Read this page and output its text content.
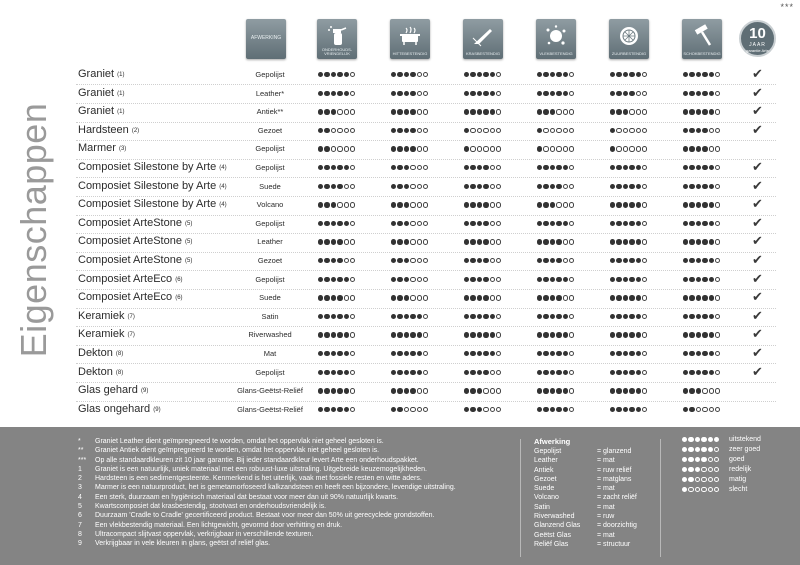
***
Eigenschappen
AFWERKING
ONDERHOUDS-VRIENDELIJK	HITTEBESTENDIG	KRASBESTENDIG	VLEKBESTENDIG	ZUURBESTENDIG	SCHOKBESTENDIG
10
JAAR
garantie Arte
Graniet $^{(1)}$	Gepolijst	✔
Graniet $^{(1)}$	Leather*	✔
Graniet $^{(1)}$	Antiek**	✔
Hardsteen $^{(2)}$	Gezoet	✔
Marmer $^{(3)}$	Gepolijst
Composiet Silestone by Arte $^{(4)}$	Gepolijst	✔
Composiet Silestone by Arte $^{(4)}$	Suede	✔
Composiet Silestone by Arte $^{(4)}$	Volcano	✔
Composiet ArteStone $^{(5)}$	Gepolijst	✔
Composiet ArteStone $^{(5)}$	Leather	✔
Composiet ArteStone $^{(5)}$	Gezoet	✔
Composiet ArteEco $^{(6)}$	Gepolijst	✔
Composiet ArteEco $^{(6)}$	Suede	✔
Keramiek $^{(7)}$	Satin	✔
Keramiek $^{(7)}$	Riverwashed	✔
Dekton $^{(8)}$	Mat	✔
Dekton $^{(8)}$	Gepolijst	✔
Glas gehard $^{(9)}$	Glans-Geëtst-Reliëf
Glas ongehard $^{(9)}$	Glans-Geëtst-Reliëf
*	Graniet Leather dient geïmpregneerd te worden, omdat het oppervlak niet geheel gesloten is.
**	Graniet Antiek dient geïmpregneerd te worden, omdat het oppervlak niet geheel gesloten is.
***	Op alle standaardkleuren zit 10 jaar garantie. Bij ieder standaardkleur levert Arte een onderhoudspakket.
1	Graniet is een natuurlijk, uniek materiaal met een robuust-luxe uitstraling. Uitgebreide keuzemogelijkheden.
2	Hardsteen is een sedimentgesteente. Kenmerkend is het uiterlijk, vaak met fossiele resten en witte aders.
3	Marmer is een natuurproduct, het is gemetamorfoseerd kalkzandsteen en heeft een bijzondere, levendige uitstraling.
4	Een sterk, duurzaam en hygiënisch materiaal dat bestaat voor meer dan uit 90% natuurlijk kwarts.
5	Kwartscomposiet dat krasbestendig, stootvast en onderhoudsvriendelijk is.
6	Duurzaam 'Cradle to Cradle' gecertificeerd product. Bestaat voor meer dan 50% uit gerecyclede grondstoffen.
7	Een vlekbestendig materiaal. Een lichtgewicht, gevormd door verhitting en druk.
8	Ultracompact slijtvast oppervlak, verkrijgbaar in verschillende texturen.
9	Verkrijgbaar in vele kleuren in glans, geëtst of reliëf glas.
Afwerking
Gepolijst	= glanzend
Leather	= mat
Antiek	= ruw reliëf
Gezoet	= matglans
Suede	= mat
Volcano	= zacht reliëf
Satin	= mat
Riverwashed	= ruw
Glanzend Glas = doorzichtig
Geëtst Glas	= mat
Reliëf Glas	= structuur
uitstekend
zeer goed
goed
redelijk
matig
slecht
